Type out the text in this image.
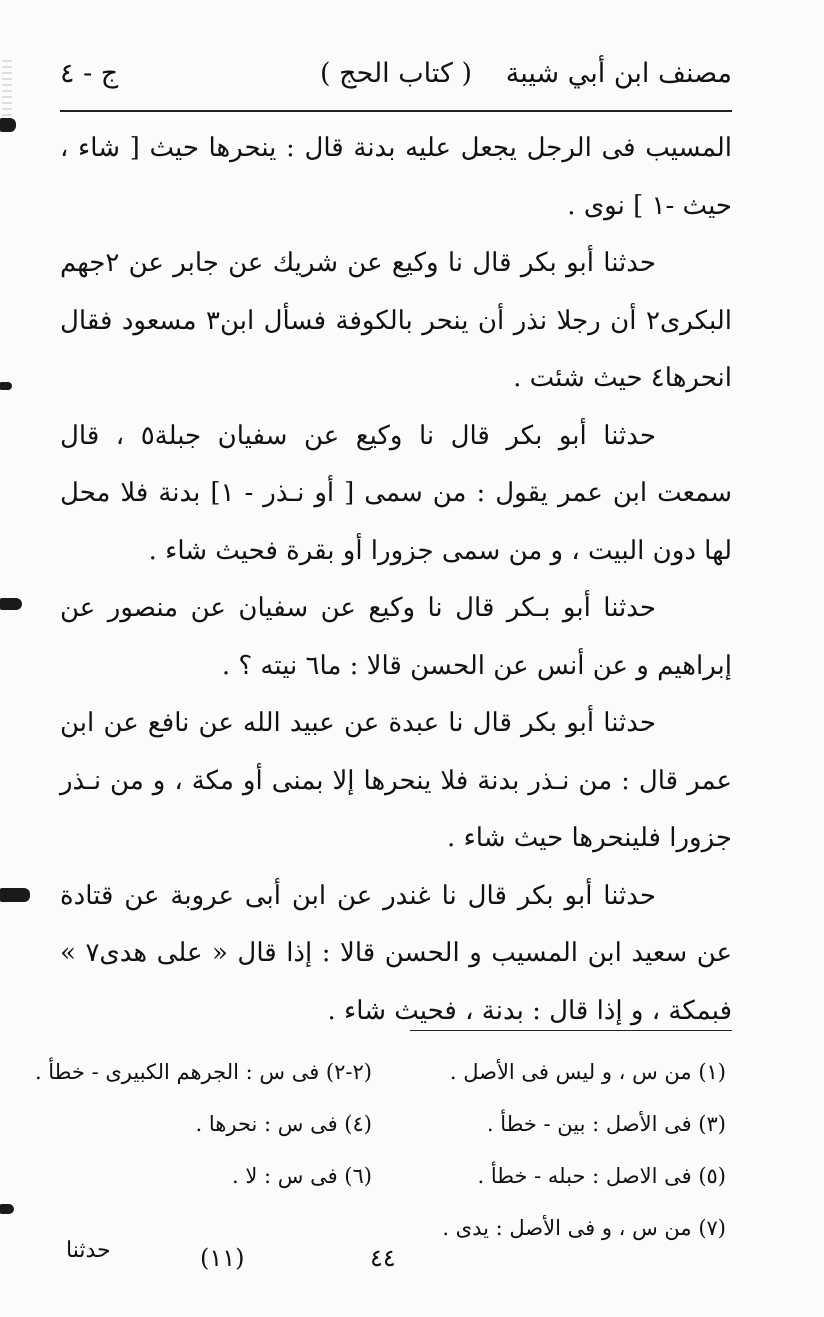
مصنف ابن أبي شيبة
( كتاب الحج )
ج - ٤

المسيب فى الرجل يجعل عليه بدنة قال : ينحرها حيث [ شاء ، حيث -١ ] نوى .

حدثنا أبو بكر قال نا وكيع عن شريك عن جابر عن ٢جهم البكرى٢ أن رجلا نذر أن ينحر بالكوفة فسأل ابن٣ مسعود فقال انحرها٤ حيث شئت .

حدثنا أبو بكر قال نا وكيع عن سفيان جبلة٥ ، قال سمعت ابن عمر يقول : من سمى [ أو نـذر - ١] بدنة فلا محل لها دون البيت ، و من سمى جزورا أو بقرة فحيث شاء .

حدثنا أبو بـكر قال نا وكيع عن سفيان عن منصور عن إبراهيم و عن أنس عن الحسن قالا : ما٦ نيته ؟ .

حدثنا أبو بكر قال نا عبدة عن عبيد الله عن نافع عن ابن عمر قال : من نـذر بدنة فلا ينحرها إلا بمنى أو مكة ، و من نـذر جزورا فلينحرها حيث شاء .

حدثنا أبو بكر قال نا غندر عن ابن أبى عروبة عن قتادة عن سعيد ابن المسيب و الحسن قالا : إذا قال « على هدى٧ » فبمكة ، و إذا قال : بدنة ، فحيث شاء .

(١) من س ، و ليس فى الأصل .
(٢-٢) فى س : الجرهم الكبيرى - خطأ .
(٣) فى الأصل : بين - خطأ .
(٤) فى س : نحرها .
(٥) فى الاصل : حبله - خطأ .
(٦) فى س : لا .
(٧) من س ، و فى الأصل : يدى .
٤٤
(١١)
حدثنا
